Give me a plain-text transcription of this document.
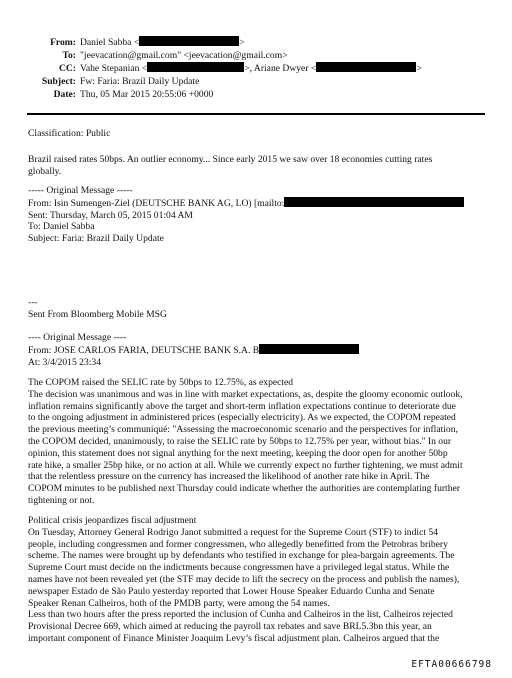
From: Daniel Sabba <	>
To: "jeevacation@gmail.com" <jeevacation@gmail.com>
CC: Vahe Stepanian <	>, Ariane Dwyer <	>
Subject: Fw: Faria: Brazil Daily Update
Date: Thu, 05 Mar 2015 20:55:06 +0000

Classification: Public

Brazil raised rates 50bps. An outlier economy... Since early 2015 we saw over 18 economies cutting rates
globally.

----- Original Message -----
From: Isin Sumengen-Ziel (DEUTSCHE BANK AG, LO) [mailto:
Sent: Thursday, March 05, 2015 01:04 AM
To: Daniel Sabba
Subject: Faria: Brazil Daily Update

---

Sent From Bloomberg Mobile MSG

---- Original Message ----
From: JOSE CARLOS FARIA, DEUTSCHE BANK S.A. B
At: 3/4/2015 23:34
The COPOM raised the SELIC rate by 50bps to 12.75%, as expected
The decision was unanimous and was in line with market expectations, as, despite the gloomy economic outlook,
inflation remains significantly above the target and short-term inflation expectations continue to deteriorate due
to the ongoing adjustment in administered prices (especially electricity). As we expected, the COPOM repeated
the previous meeting’s communiqué: "Assessing the macroeconomic scenario and the perspectives for inflation,
the COPOM decided, unanimously, to raise the SELIC rate by 50bps to 12.75% per year, without bias." In our
opinion, this statement does not signal anything for the next meeting, keeping the door open for another 50bp
rate hike, a smaller 25bp hike, or no action at all. While we currently expect no further tightening, we must admit
that the relentless pressure on the currency has increased the likelihood of another rate hike in April. The
COPOM minutes to be published next Thursday could indicate whether the authorities are contemplating further
tightening or not.
Political crisis jeopardizes fiscal adjustment
On Tuesday, Attorney General Rodrigo Janot submitted a request for the Supreme Court (STF) to indict 54
people, including congressmen and former congressmen, who allegedly benefitted from the Petrobras bribery
scheme. The names were brought up by defendants who testified in exchange for plea-bargain agreements. The
Supreme Court must decide on the indictments because congressmen have a privileged legal status. While the
names have not been revealed yet (the STF may decide to lift the secrecy on the process and publish the names),
newspaper Estado de São Paulo yesterday reported that Lower House Speaker Eduardo Cunha and Senate
Speaker Renan Calheiros, both of the PMDB party, were among the 54 names.
Less than two hours after the press reported the inclusion of Cunha and Calheiros in the list, Calheiros rejected
Provisional Decree 669, which aimed at reducing the payroll tax rebates and save BRL5.3bn this year, an
important component of Finance Minister Joaquim Levy’s fiscal adjustment plan. Calheiros argued that the
EFTA00666798
